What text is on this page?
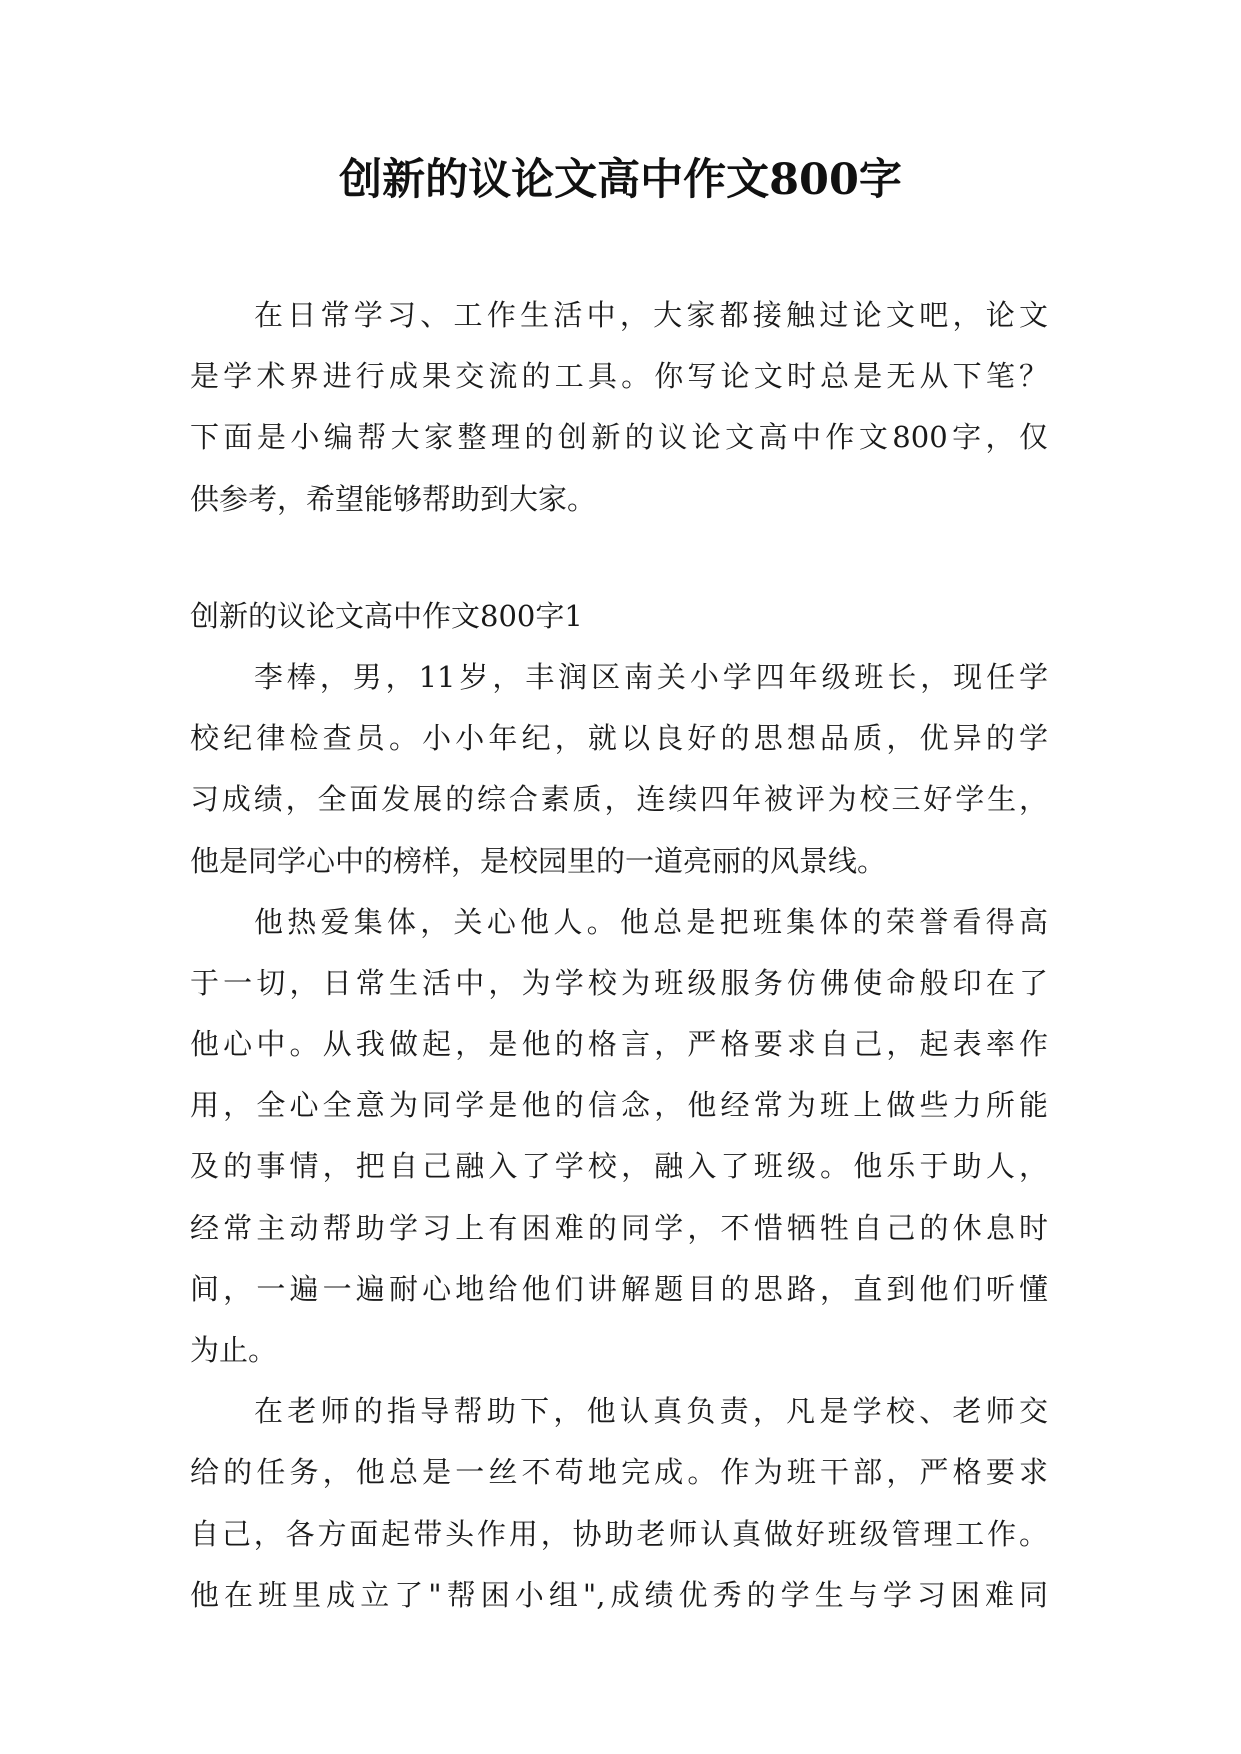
创新的议论文高中作文800字
在日常学习、工作生活中，大家都接触过论文吧，论文
是学术界进行成果交流的工具。你写论文时总是无从下笔？
下面是小编帮大家整理的创新的议论文高中作文800字，仅
供参考，希望能够帮助到大家。
创新的议论文高中作文800字1
李棒，男，11岁，丰润区南关小学四年级班长，现任学
校纪律检查员。小小年纪，就以良好的思想品质，优异的学
习成绩，全面发展的综合素质，连续四年被评为校三好学生，
他是同学心中的榜样，是校园里的一道亮丽的风景线。
他热爱集体，关心他人。他总是把班集体的荣誉看得高
于一切，日常生活中，为学校为班级服务仿佛使命般印在了
他心中。从我做起，是他的格言，严格要求自己，起表率作
用，全心全意为同学是他的信念，他经常为班上做些力所能
及的事情，把自己融入了学校，融入了班级。他乐于助人，
经常主动帮助学习上有困难的同学，不惜牺牲自己的休息时
间，一遍一遍耐心地给他们讲解题目的思路，直到他们听懂
为止。
在老师的指导帮助下，他认真负责，凡是学校、老师交
给的任务，他总是一丝不苟地完成。作为班干部，严格要求
自己，各方面起带头作用，协助老师认真做好班级管理工作。
他在班里成立了"帮困小组",成绩优秀的学生与学习困难同
